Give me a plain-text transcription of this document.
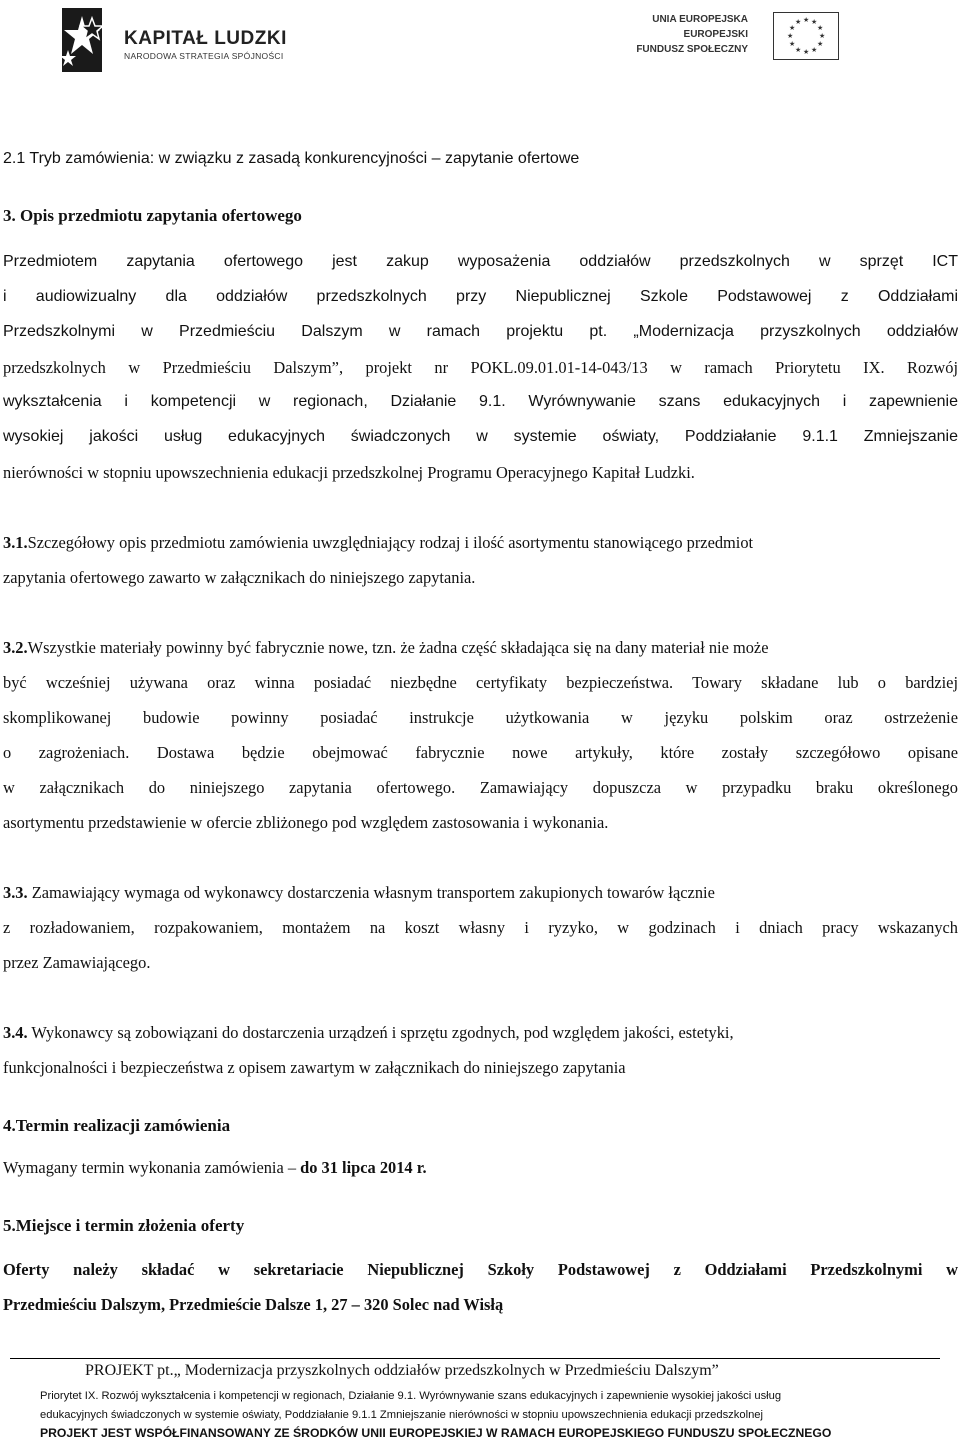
KAPITAŁ LUDZKI
NARODOWA STRATEGIA SPÓJNOŚCI
UNIA EUROPEJSKA
EUROPEJSKI
FUNDUSZ SPOŁECZNY
★ ★
★
★
★
★
★
★
★
★
★
★
2.1 Tryb zamówienia: w związku z zasadą konkurencyjności – zapytanie ofertowe
3. Opis przedmiotu zapytania ofertowego
Przedmiotem zapytania ofertowego jest zakup wyposażenia oddziałów przedszkolnych w sprzęt ICT
i audiowizualny dla oddziałów przedszkolnych przy Niepublicznej Szkole Podstawowej z Oddziałami
Przedszkolnymi w Przedmieściu Dalszym w ramach projektu pt. „Modernizacja przyszkolnych oddziałów
przedszkolnych w Przedmieściu Dalszym”, projekt nr POKL.09.01.01-14-043/13 w ramach Priorytetu IX. Rozwój
wykształcenia i kompetencji w regionach, Działanie 9.1. Wyrównywanie szans edukacyjnych i zapewnienie
wysokiej jakości usług edukacyjnych świadczonych w systemie oświaty, Poddziałanie 9.1.1 Zmniejszanie
nierówności w stopniu upowszechnienia edukacji przedszkolnej Programu Operacyjnego Kapitał Ludzki.
3.1.Szczegółowy opis przedmiotu zamówienia uwzględniający rodzaj i ilość asortymentu stanowiącego przedmiot
zapytania ofertowego zawarto w załącznikach do niniejszego zapytania.
3.2.Wszystkie materiały powinny być fabrycznie nowe, tzn. że żadna część składająca się na dany materiał nie może
być wcześniej używana oraz winna posiadać niezbędne certyfikaty bezpieczeństwa. Towary składane lub o bardziej
skomplikowanej budowie powinny posiadać instrukcje użytkowania w języku polskim oraz ostrzeżenie
o zagrożeniach. Dostawa będzie obejmować fabrycznie nowe artykuły, które zostały szczegółowo opisane
w załącznikach do niniejszego zapytania ofertowego. Zamawiający dopuszcza w przypadku braku określonego
asortymentu przedstawienie w ofercie zbliżonego pod względem zastosowania i wykonania.
3.3. Zamawiający wymaga od wykonawcy dostarczenia własnym transportem zakupionych towarów łącznie
z rozładowaniem, rozpakowaniem, montażem na koszt własny i ryzyko, w godzinach i dniach pracy wskazanych
przez Zamawiającego.
3.4. Wykonawcy są zobowiązani do dostarczenia urządzeń i sprzętu zgodnych, pod względem jakości, estetyki,
funkcjonalności i bezpieczeństwa z opisem zawartym w załącznikach do niniejszego zapytania
4.Termin realizacji zamówienia
Wymagany termin wykonania zamówienia – do 31 lipca 2014 r.
5.Miejsce i termin złożenia oferty
Oferty należy składać w sekretariacie Niepublicznej Szkoły Podstawowej z Oddziałami Przedszkolnymi w
Przedmieściu Dalszym, Przedmieście Dalsze 1, 27 – 320 Solec nad Wisłą
PROJEKT pt.„ Modernizacja przyszkolnych oddziałów przedszkolnych w Przedmieściu Dalszym”
Priorytet IX. Rozwój wykształcenia i kompetencji w regionach, Działanie 9.1. Wyrównywanie szans edukacyjnych i zapewnienie wysokiej jakości usług
edukacyjnych świadczonych w systemie oświaty, Poddziałanie 9.1.1 Zmniejszanie nierówności w stopniu upowszechnienia edukacji przedszkolnej
PROJEKT JEST WSPÓŁFINANSOWANY ZE ŚRODKÓW UNII EUROPEJSKIEJ W RAMACH EUROPEJSKIEGO FUNDUSZU SPOŁECZNEGO
